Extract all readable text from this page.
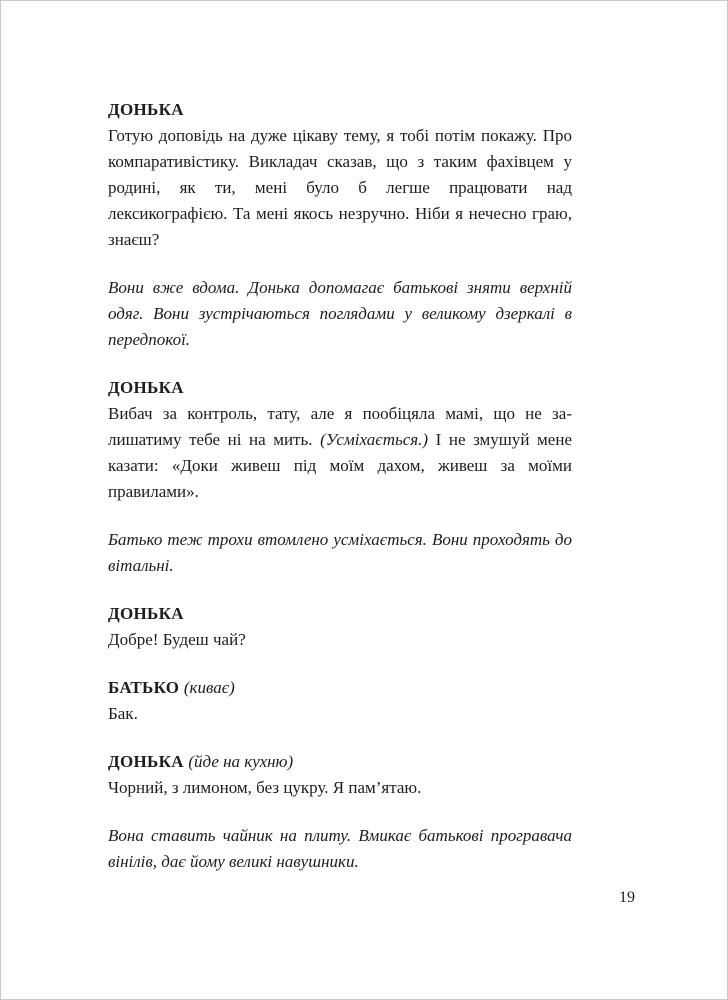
ДОНЬКА

Готую доповідь на дуже цікаву тему, я тобі потім покажу. Про компаративістику. Викладач сказав, що з таким фахівцем у родині, як ти, мені було б легше працювати над лексикографією. Та мені якось незручно. Ніби я нечесно граю, знаєш?

Вони вже вдома. Донька допомагає батькові зняти верхній одяг. Вони зустрічаються поглядами у великому дзеркалі в передпокої.

ДОНЬКА

Вибач за контроль, тату, але я пообіцяла мамі, що не залишатиму тебе ні на мить. (Усміхається.) І не змушуй мене казати: «Доки живеш під моїм дахом, живеш за моїми правилами».

Батько теж трохи втомлено усміхається. Вони проходять до вітальні.

ДОНЬКА

Добре! Будеш чай?

БАТЬКО (киває)

Бак.

ДОНЬКА (йде на кухню)

Чорний, з лимоном, без цукру. Я пам’ятаю.

Вона ставить чайник на плиту. Вмикає батькові програвача вінілів, дає йому великі навушники.

19
